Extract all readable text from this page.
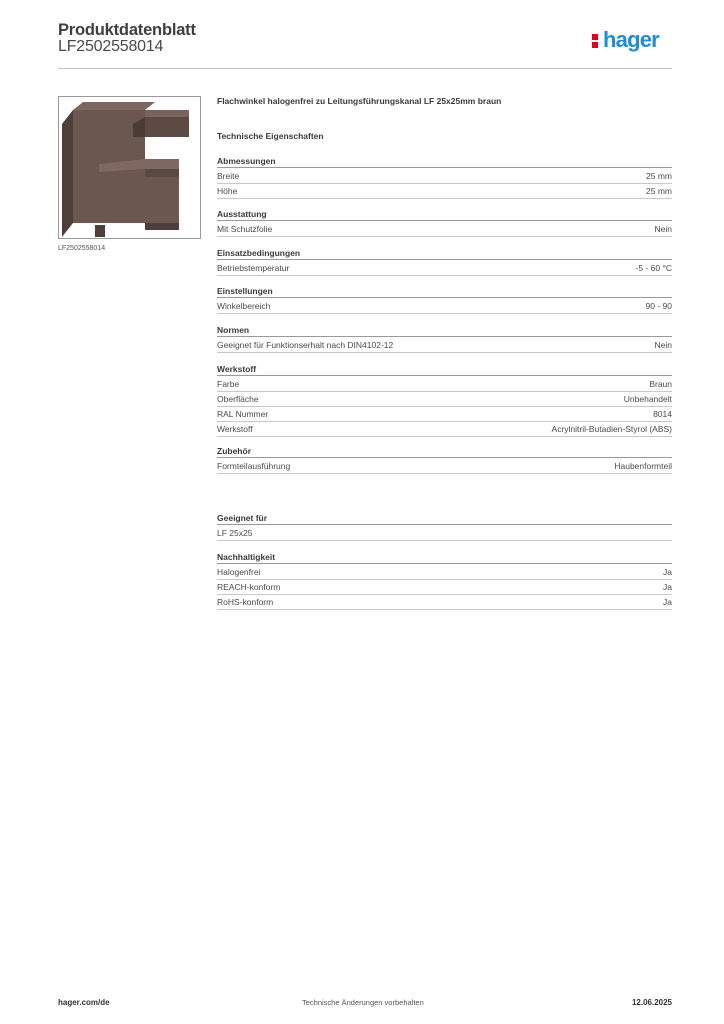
Produktdatenblatt
LF2502558014	hager
LF2502558014
Flachwinkel halogenfrei zu Leitungsführungskanal LF 25x25mm braun
Technische Eigenschaften
Abmessungen
Breite	25 mm
Höhe	25 mm
Ausstattung
Mit Schutzfolie	Nein
Einsatzbedingungen
Betriebstemperatur	-5 - 60 °C
Einstellungen
Winkelbereich	90 - 90
Normen
Geeignet für Funktionserhalt nach DIN4102-12	Nein
Werkstoff
Farbe	Braun
Oberfläche	Unbehandelt
RAL Nummer	8014
Werkstoff	Acrylnitril-Butadien-Styrol (ABS)
Zubehör
Formteilausführung	Haubenformteil
Geeignet für
LF 25x25
Nachhaltigkeit
Halogenfrei	Ja
REACH-konform	Ja
RoHS-konform	Ja
hager.com/de	Technische Änderungen vorbehalten	12.06.2025
